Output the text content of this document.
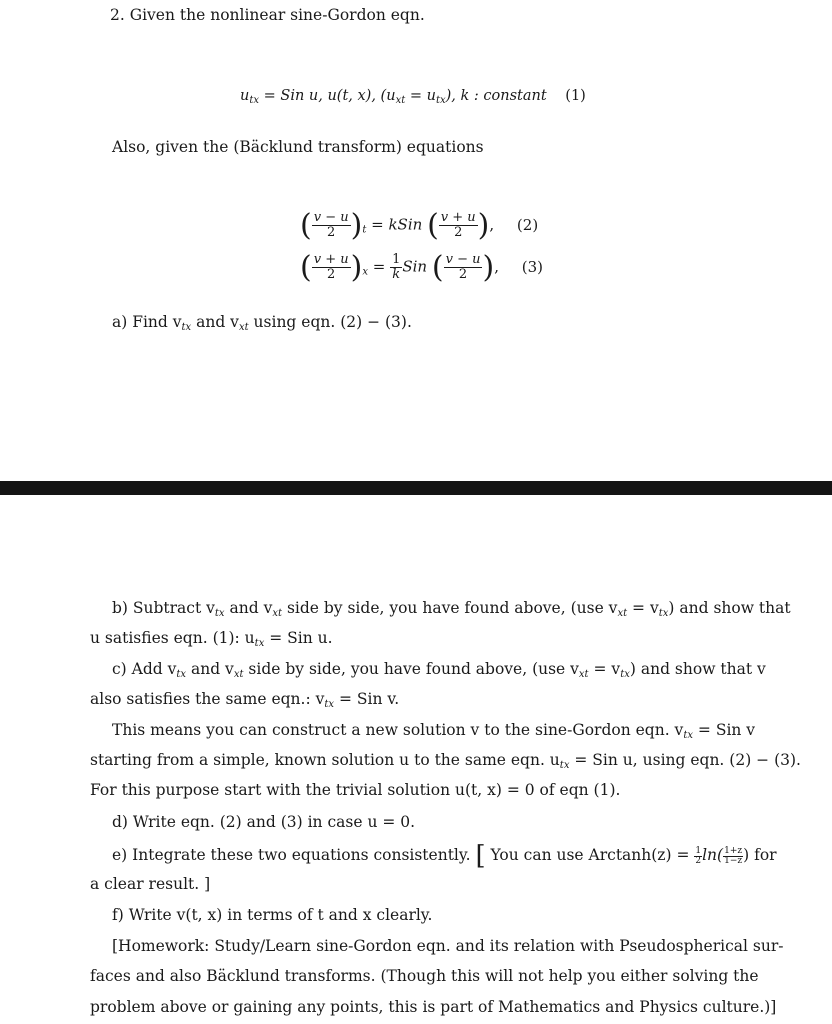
2. Given the nonlinear sine-Gordon eqn.
$u_{tx}$ = Sin u, u(t, x), $(u_{xt} = u_{tx})$, k : constant (1)
Also, given the (Bäcklund transform) equations
( $\frac{v - u}{2} )_t$ = kSin ( $\frac{v + u}{2}$ ), (2)
( $\frac{v + u}{2} )_x = \frac{1}{k}$ Sin ( $\frac{v - u}{2}$ ), (3)
a) Find $v_{tx}$ and $v_{xt}$ using eqn. (2) − (3).
b) Subtract $v_{tx}$ and $v_{xt}$ side by side, you have found above, (use $v_{xt} = v_{tx}$) and show that
u satisfies eqn. (1): $u_{tx}$ = Sin u.
c) Add $v_{tx}$ and $v_{xt}$ side by side, you have found above, (use $v_{xt} = v_{tx}$) and show that v
also satisfies the same eqn.: $v_{tx}$ = Sin v.
This means you can construct a new solution v to the sine-Gordon eqn. $v_{tx}$ = Sin v
starting from a simple, known solution u to the same eqn. $u_{tx}$ = Sin u, using eqn. (2) − (3).
For this purpose start with the trivial solution u(t, x) = 0 of eqn (1).
d) Write eqn. (2) and (3) in case u = 0.
e) Integrate these two equations consistently. [ You can use $Arctanh(z) = \frac{1}{2} \ln( \frac{1+z}{1-z}$ ) for
a clear result. ]
f) Write v(t, x) in terms of t and x clearly.
[Homework: Study/Learn sine-Gordon eqn. and its relation with Pseudospherical sur-
faces and also Bäcklund transforms. (Though this will not help you either solving the
problem above or gaining any points, this is part of Mathematics and Physics culture.)]
